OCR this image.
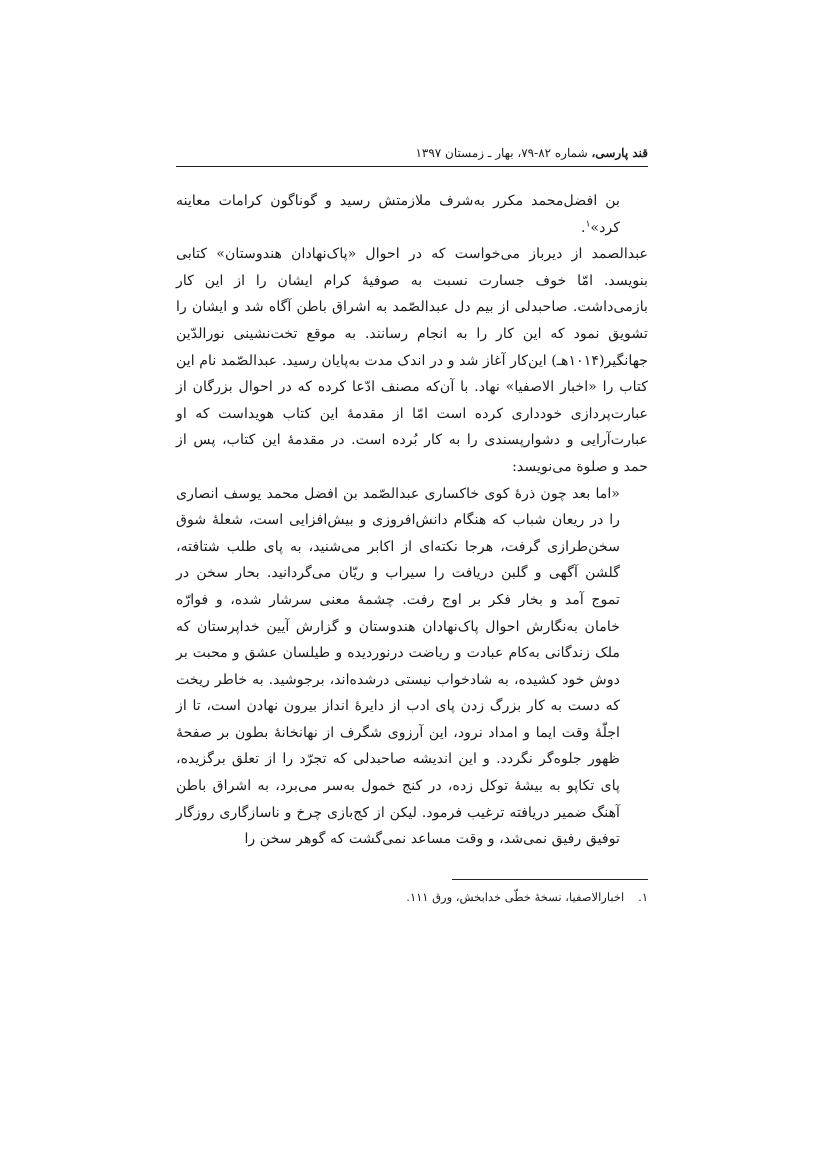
قند پارسی، شماره ۸۲-۷۹، بهار ـ زمستان ۱۳۹۷

بن افضل‌محمد مکرر به‌شرف ملازمتش رسید و گوناگون کرامات معاینه کرد»$^۱$.

عبدالصمد از دیرباز می‌خواست که در احوال «پاک‌نهادان هندوستان» کتابی بنویسد. امّا خوف جسارت نسبت به صوفیهٔ کرام ایشان را از این کار بازمی‌داشت. صاحبدلی از بیم دل عبدالصّمد به اشراق باطن آگاه شد و ایشان را تشویق نمود که این کار را به انجام رسانند. به موقع تخت‌نشینی نورالدّین جهانگیر(۱۰۱۴هـ) این‌کار آغاز شد و در اندک مدت به‌پایان رسید. عبدالصّمد نام این کتاب را «اخبار الاصفیا» نهاد. با آن‌که مصنف ادّعا کرده که در احوال بزرگان از عبارت‌پردازی خودداری کرده است امّا از مقدمهٔ این کتاب هویداست که او عبارت‌آرایی و دشوارپسندی را به کار بُرده است. در مقدمهٔ این کتاب، پس از حمد و صلوة می‌نویسد:

«اما بعد چون ذرهٔ کوی خاکساری عبدالصّمد بن افضل محمد یوسف انصاری را در ریعان شباب که هنگام دانش‌افروزی و بیش‌افزایی است، شعلهٔ شوق سخن‌طرازی گرفت، هرجا نکته‌ای از اکابر می‌شنید، به پای طلب شتافته، گلشن آگهی و گلبن دریافت را سیراب و ریّان می‌گردانید. بحار سخن در تموج آمد و بخار فکر بر اوج رفت. چشمهٔ معنی سرشار شده، و فوارّه خامان به‌نگارش احوال پاک‌نهادان هندوستان و گزارش آیین خداپرستان که ملک زندگانی به‌کام عبادت و ریاضت درنوردیده و طیلسان عشق و محبت بر دوش خود کشیده، به شادخواب نیستی درشده‌اند، برجوشید. به خاطر ریخت که دست به کار بزرگ زدن پای ادب از دایرهٔ انداز بیرون نهادن است، تا از اجلّهٔ وقت ایما و امداد نرود، این آرزوی شگرف از نهانخانهٔ بطون بر صفحهٔ ظهور جلوه‌گر نگردد. و این اندیشه صاحبدلی که تجرّد را از تعلق برگزیده، پای تکاپو به بیشهٔ توکل زده، در کنج خمول به‌سر می‌برد، به اشراق باطن آهنگ ضمیر دریافته ترغیب فرمود. لیکن از کج‌بازی چرخ و ناسازگاری روزگار توفیق رفیق نمی‌شد، و وقت مساعد نمی‌گشت که گوهر سخن را

۱.اخبارالاصفیا، نسخهٔ خطّی خدابخش، ورق ۱۱۱.
